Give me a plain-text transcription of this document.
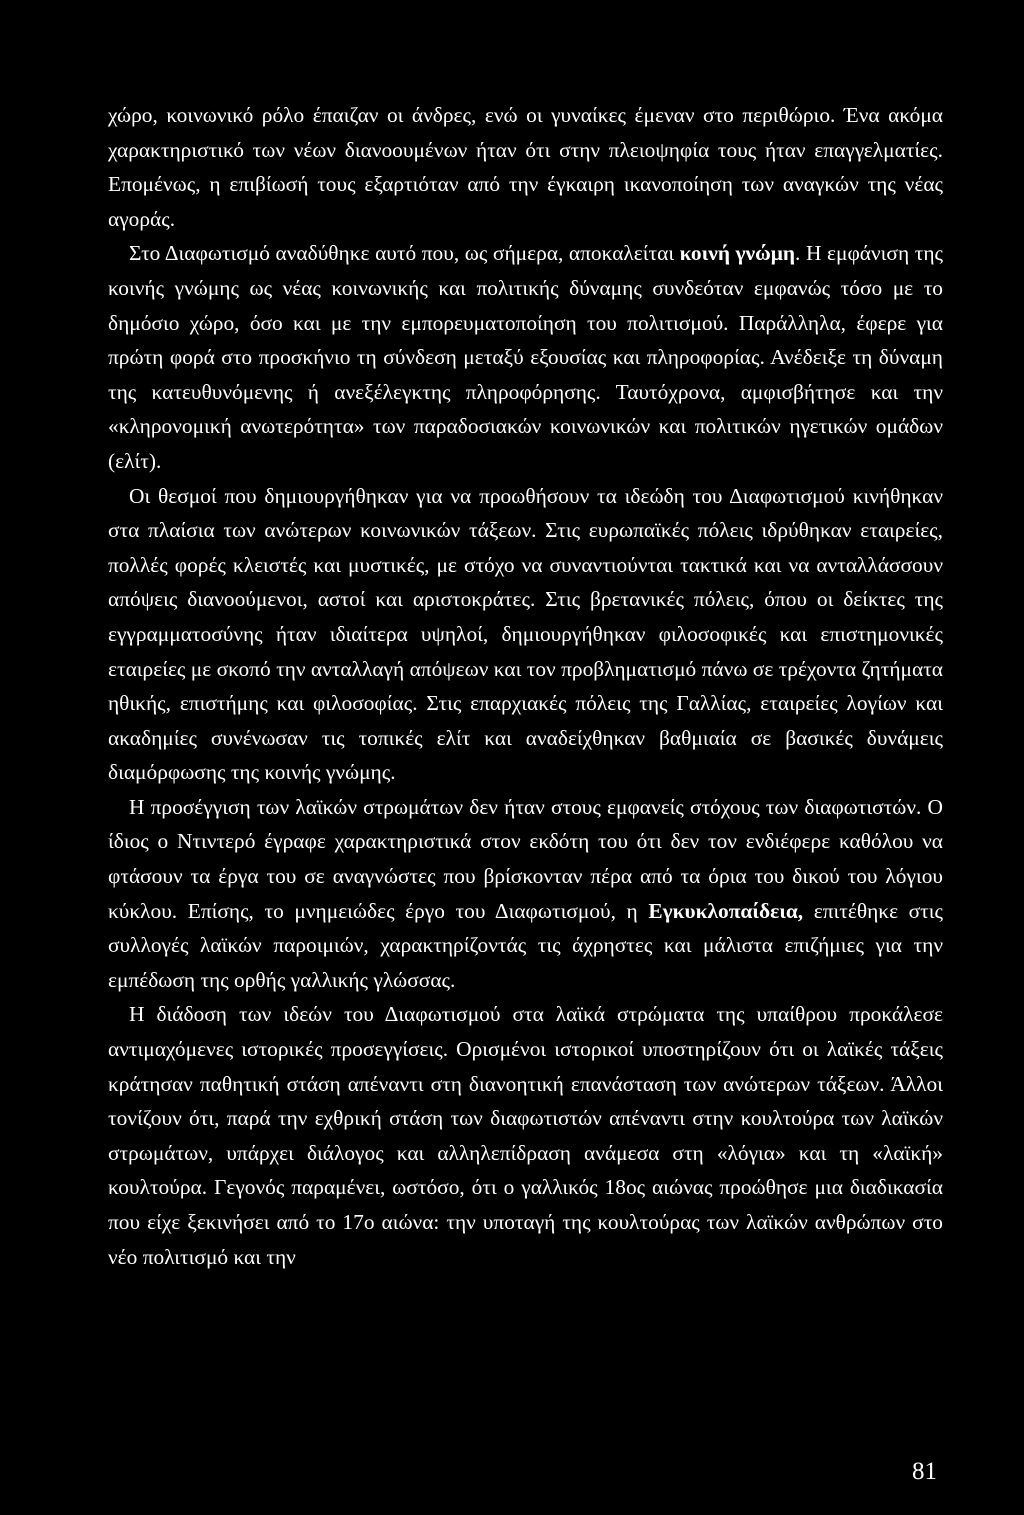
χώρο, κοινωνικό ρόλο έπαιζαν οι άνδρες, ενώ οι γυναίκες έμεναν στο περιθώριο. Ένα ακόμα χαρακτηριστικό των νέων διανοουμένων ήταν ότι στην πλειοψηφία τους ήταν επαγγελματίες. Επομένως, η επιβίωσή τους εξαρτιόταν από την έγκαιρη ικανοποίηση των αναγκών της νέας αγοράς.

Στο Διαφωτισμό αναδύθηκε αυτό που, ως σήμερα, αποκαλείται κοινή γνώμη. Η εμφάνιση της κοινής γνώμης ως νέας κοινωνικής και πολιτικής δύναμης συνδεόταν εμφανώς τόσο με το δημόσιο χώρο, όσο και με την εμπορευματοποίηση του πολιτισμού. Παράλληλα, έφερε για πρώτη φορά στο προσκήνιο τη σύνδεση μεταξύ εξουσίας και πληροφορίας. Ανέδειξε τη δύναμη της κατευθυνόμενης ή ανεξέλεγκτης πληροφόρησης. Ταυτόχρονα, αμφισβήτησε και την «κληρονομική ανωτερότητα» των παραδοσιακών κοινωνικών και πολιτικών ηγετικών ομάδων (ελίτ).

Οι θεσμοί που δημιουργήθηκαν για να προωθήσουν τα ιδεώδη του Διαφωτισμού κινήθηκαν στα πλαίσια των ανώτερων κοινωνικών τάξεων. Στις ευρωπαϊκές πόλεις ιδρύθηκαν εταιρείες, πολλές φορές κλειστές και μυστικές, με στόχο να συναντιούνται τακτικά και να ανταλλάσσουν απόψεις διανοούμενοι, αστοί και αριστοκράτες. Στις βρετανικές πόλεις, όπου οι δείκτες της εγγραμματοσύνης ήταν ιδιαίτερα υψηλοί, δημιουργήθηκαν φιλοσοφικές και επιστημονικές εταιρείες με σκοπό την ανταλλαγή απόψεων και τον προβληματισμό πάνω σε τρέχοντα ζητήματα ηθικής, επιστήμης και φιλοσοφίας. Στις επαρχιακές πόλεις της Γαλλίας, εταιρείες λογίων και ακαδημίες συνένωσαν τις τοπικές ελίτ και αναδείχθηκαν βαθμιαία σε βασικές δυνάμεις διαμόρφωσης της κοινής γνώμης.

Η προσέγγιση των λαϊκών στρωμάτων δεν ήταν στους εμφανείς στόχους των διαφωτιστών. Ο ίδιος ο Ντιντερό έγραφε χαρακτηριστικά στον εκδότη του ότι δεν τον ενδιέφερε καθόλου να φτάσουν τα έργα του σε αναγνώστες που βρίσκονταν πέρα από τα όρια του δικού του λόγιου κύκλου. Επίσης, το μνημειώδες έργο του Διαφωτισμού, η Εγκυκλοπαίδεια, επιτέθηκε στις συλλογές λαϊκών παροιμιών, χαρακτηρίζοντάς τις άχρηστες και μάλιστα επιζήμιες για την εμπέδωση της ορθής γαλλικής γλώσσας.

Η διάδοση των ιδεών του Διαφωτισμού στα λαϊκά στρώματα της υπαίθρου προκάλεσε αντιμαχόμενες ιστορικές προσεγγίσεις. Ορισμένοι ιστορικοί υποστηρίζουν ότι οι λαϊκές τάξεις κράτησαν παθητική στάση απέναντι στη διανοητική επανάσταση των ανώτερων τάξεων. Άλλοι τονίζουν ότι, παρά την εχθρική στάση των διαφωτιστών απέναντι στην κουλτούρα των λαϊκών στρωμάτων, υπάρχει διάλογος και αλληλεπίδραση ανάμεσα στη «λόγια» και τη «λαϊκή» κουλτούρα. Γεγονός παραμένει, ωστόσο, ότι ο γαλλικός 18ος αιώνας προώθησε μια διαδικασία που είχε ξεκινήσει από το 17ο αιώνα: την υποταγή της κουλτούρας των λαϊκών ανθρώπων στο νέο πολιτισμό και την

81
